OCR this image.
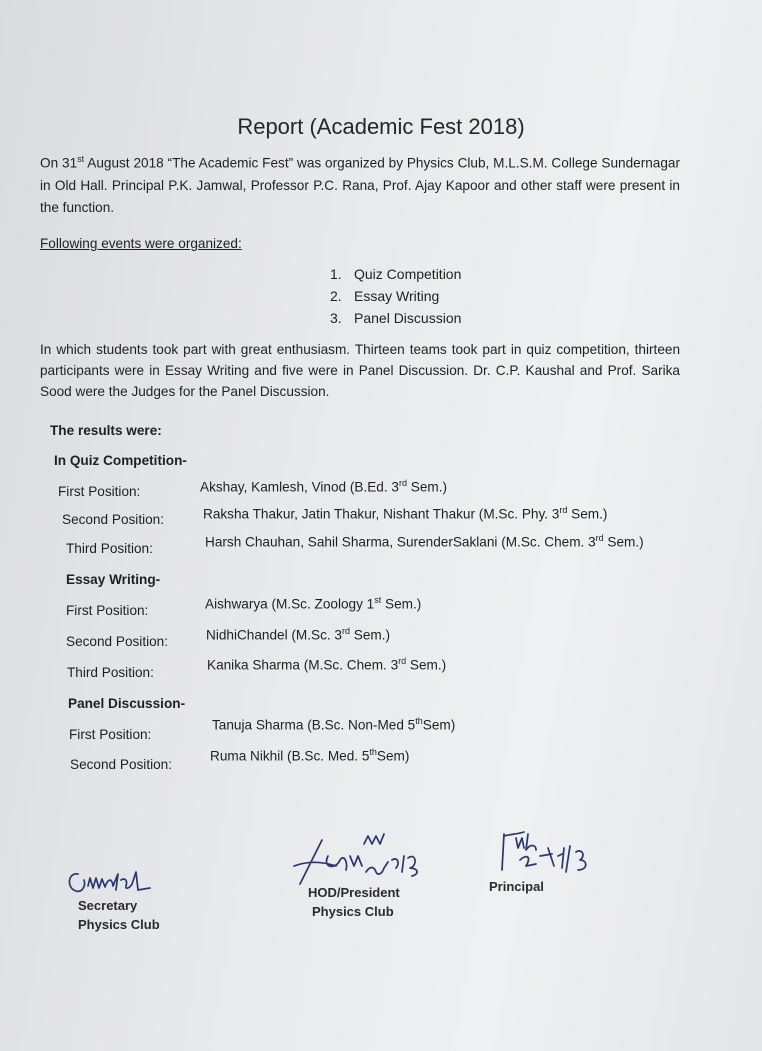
Report (Academic Fest 2018)

On 31st August 2018 “The Academic Fest” was organized by Physics Club, M.L.S.M. College Sundernagar in Old Hall. Principal P.K. Jamwal, Professor P.C. Rana, Prof. Ajay Kapoor and other staff were present in the function.

Following events were organized:
1. Quiz Competition
2. Essay Writing
3. Panel Discussion

In which students took part with great enthusiasm. Thirteen teams took part in quiz competition, thirteen participants were in Essay Writing and five were in Panel Discussion. Dr. C.P. Kaushal and Prof. Sarika Sood were the Judges for the Panel Discussion.

The results were:
In Quiz Competition-
First Position:	Akshay, Kamlesh, Vinod (B.Ed. 3rd Sem.)
Second Position:	Raksha Thakur, Jatin Thakur, Nishant Thakur (M.Sc. Phy. 3rd Sem.)
Third Position:	Harsh Chauhan, Sahil Sharma, SurenderSaklani (M.Sc. Chem. 3rd Sem.)
Essay Writing-
First Position:	Aishwarya (M.Sc. Zoology 1st Sem.)
Second Position:	NidhiChandel (M.Sc. 3rd Sem.)
Third Position:	Kanika Sharma (M.Sc. Chem. 3rd Sem.)
Panel Discussion-
First Position:
Tanuja Sharma (B.Sc. Non-Med 5thSem)
Second Position:
Ruma Nikhil (B.Sc. Med. 5thSem)
Secretary
Physics Club
HOD/President
Physics Club
Principal
